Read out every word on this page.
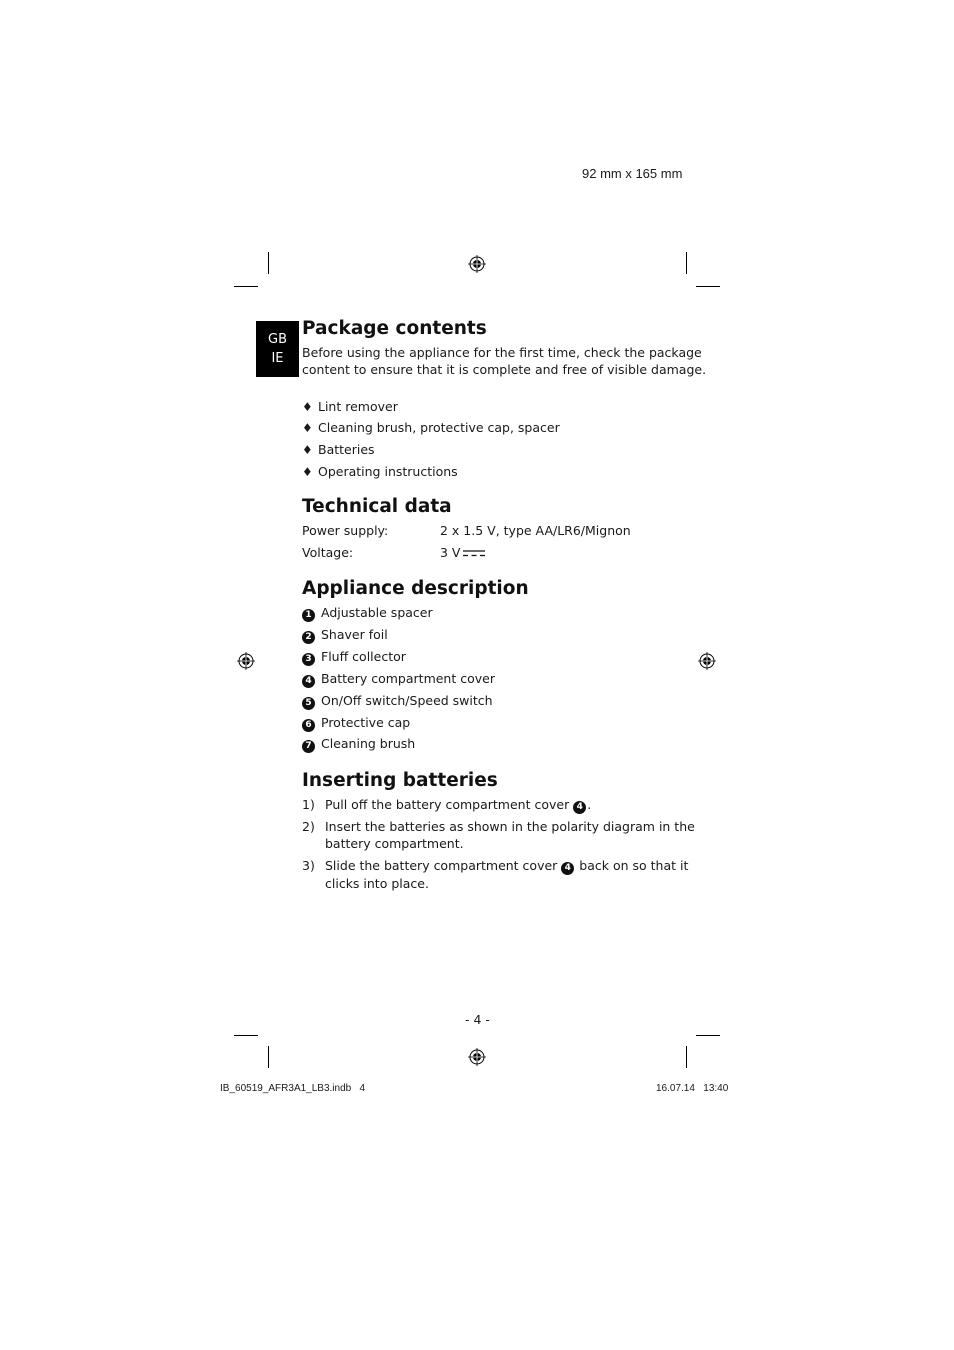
92 mm x 165 mm
GB
IE
Package contents
Before using the appliance for the first time, check the package
content to ensure that it is complete and free of visible damage.
♦ Lint remover
♦ Cleaning brush, protective cap, spacer
♦ Batteries
♦ Operating instructions
Technical data
Power supply:	2 x 1.5 V, type AA/LR6/Mignon
Voltage:	3 V
Appliance description
1 Adjustable spacer
2 Shaver foil
3 Fluff collector
4 Battery compartment cover
5 On/Off switch/Speed switch
6 Protective cap
7 Cleaning brush
Inserting batteries
1) Pull off the battery compartment cover 4 .
2) Insert the batteries as shown in the polarity diagram in the
battery compartment.
3) Slide the battery compartment cover 4 back on so that it
clicks into place.
- 4 -
IB_60519_AFR3A1_LB3.indb   4	16.07.14   13:40
